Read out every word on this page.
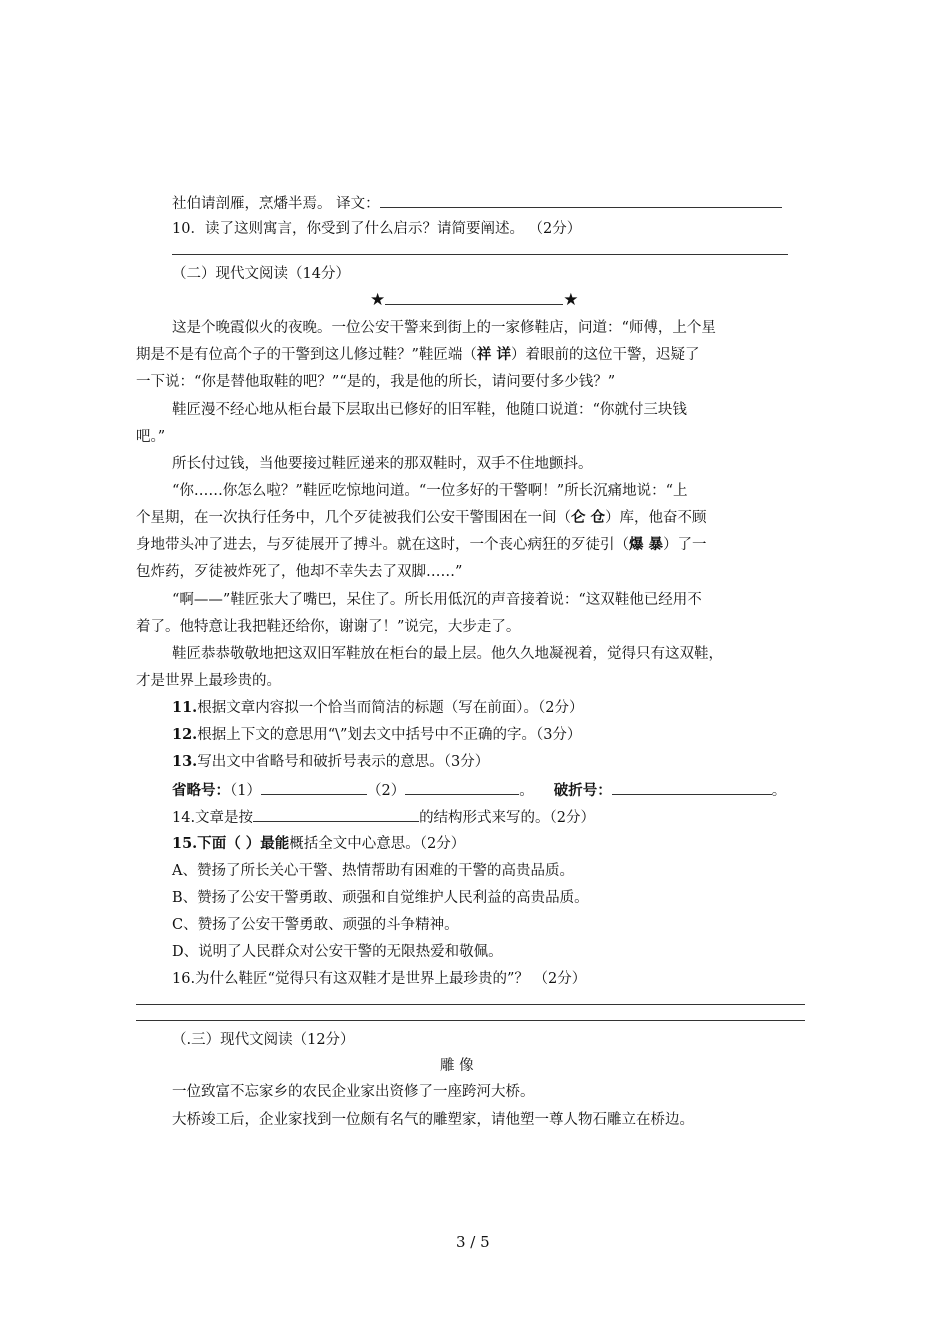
社伯请剖雁，烹燔半焉。 译文：
10．读了这则寓言，你受到了什么启示？请简要阐述。 （2分）
（二）现代文阅读（14分）
★	★
这是个晚霞似火的夜晚。一位公安干警来到街上的一家修鞋店，问道：“师傅，上个星
期是不是有位高个子的干警到这儿修过鞋？”鞋匠端（祥 详）着眼前的这位干警，迟疑了
一下说：“你是替他取鞋的吧？”“是的，我是他的所长，请问要付多少钱？”
鞋匠漫不经心地从柜台最下层取出已修好的旧军鞋，他随口说道：“你就付三块钱
吧。”
所长付过钱，当他要接过鞋匠递来的那双鞋时，双手不住地颤抖。
“你……你怎么啦？”鞋匠吃惊地问道。“一位多好的干警啊！”所长沉痛地说：“上
个星期，在一次执行任务中，几个歹徒被我们公安干警围困在一间（仑 仓）库，他奋不顾
身地带头冲了进去，与歹徒展开了搏斗。就在这时，一个丧心病狂的歹徒引（爆 暴）了一
包炸药，歹徒被炸死了，他却不幸失去了双脚……”
“啊——”鞋匠张大了嘴巴，呆住了。所长用低沉的声音接着说：“这双鞋他已经用不
着了。他特意让我把鞋还给你，谢谢了！”说完，大步走了。
鞋匠恭恭敬敬地把这双旧军鞋放在柜台的最上层。他久久地凝视着，觉得只有这双鞋，
才是世界上最珍贵的。
11.根据文章内容拟一个恰当而简洁的标题（写在前面）。（2分）
12.根据上下文的意思用“\”划去文中括号中不正确的字。（3分）
13.写出文中省略号和破折号表示的意思。（3分）
省略号：（1）	（2）	。 破折号：	。
14.文章是按	的结构形式来写的。（2分）
15.下面（ ）最能概括全文中心意思。（2分）
A、赞扬了所长关心干警、热情帮助有困难的干警的高贵品质。
B、赞扬了公安干警勇敢、顽强和自觉维护人民利益的高贵品质。
C、赞扬了公安干警勇敢、顽强的斗争精神。
D、说明了人民群众对公安干警的无限热爱和敬佩。
16.为什么鞋匠“觉得只有这双鞋才是世界上最珍贵的”？ （2分）
（.三）现代文阅读（12分）
雕 像
一位致富不忘家乡的农民企业家出资修了一座跨河大桥。
大桥竣工后，企业家找到一位颇有名气的雕塑家，请他塑一尊人物石雕立在桥边。
3 / 5
